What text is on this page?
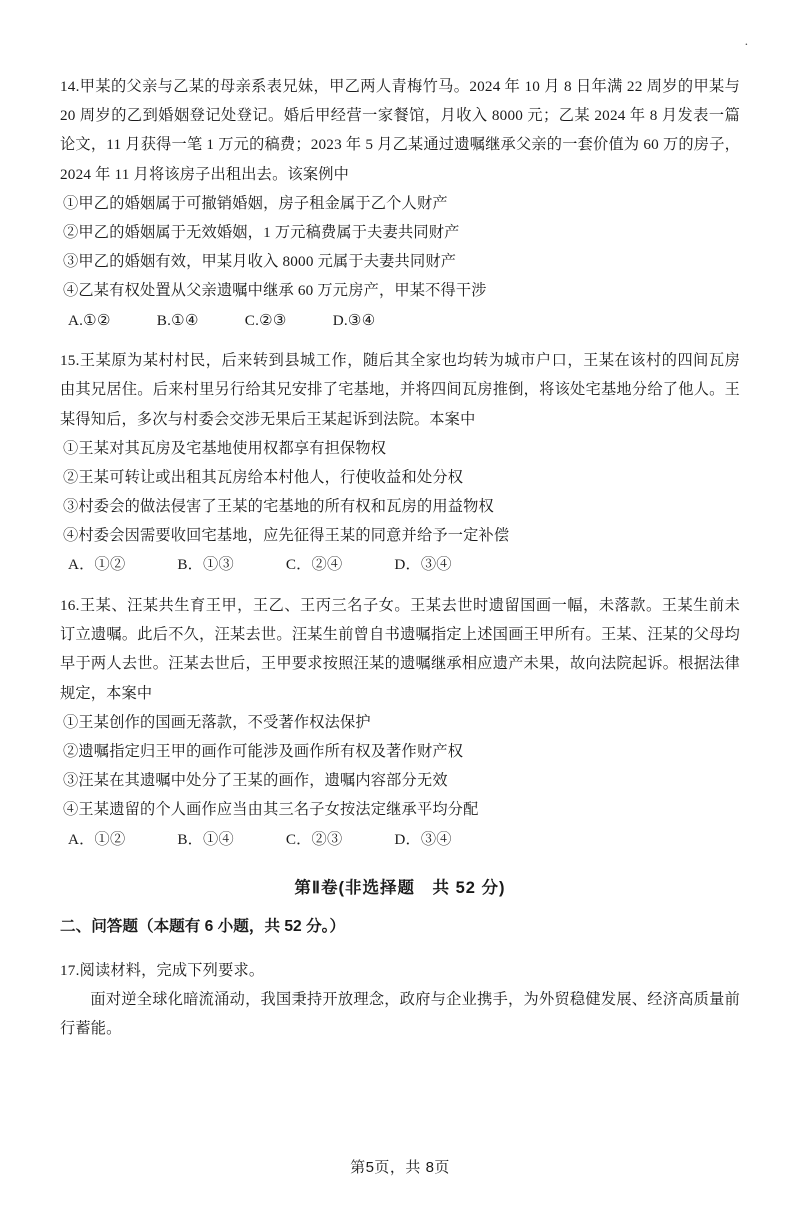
.
14.甲某的父亲与乙某的母亲系表兄妹，甲乙两人青梅竹马。2024 年 10 月 8 日年满 22 周岁的甲某与 20 周岁的乙到婚姻登记处登记。婚后甲经营一家餐馆，月收入 8000 元；乙某 2024 年 8 月发表一篇论文，11 月获得一笔 1 万元的稿费；2023 年 5 月乙某通过遗嘱继承父亲的一套价值为 60 万的房子，2024 年 11 月将该房子出租出去。该案例中
①甲乙的婚姻属于可撤销婚姻，房子租金属于乙个人财产
②甲乙的婚姻属于无效婚姻，1 万元稿费属于夫妻共同财产
③甲乙的婚姻有效，甲某月收入 8000 元属于夫妻共同财产
④乙某有权处置从父亲遗嘱中继承 60 万元房产，甲某不得干涉
A.①②	B.①④	C.②③	D.③④
15.王某原为某村村民，后来转到县城工作，随后其全家也均转为城市户口，王某在该村的四间瓦房由其兄居住。后来村里另行给其兄安排了宅基地，并将四间瓦房推倒，将该处宅基地分给了他人。王某得知后，多次与村委会交涉无果后王某起诉到法院。本案中
①王某对其瓦房及宅基地使用权都享有担保物权
②王某可转让或出租其瓦房给本村他人，行使收益和处分权
③村委会的做法侵害了王某的宅基地的所有权和瓦房的用益物权
④村委会因需要收回宅基地，应先征得王某的同意并给予一定补偿
A．①②	B．①③	C．②④	D．③④
16.王某、汪某共生育王甲，王乙、王丙三名子女。王某去世时遗留国画一幅，未落款。王某生前未订立遗嘱。此后不久，汪某去世。汪某生前曾自书遗嘱指定上述国画王甲所有。王某、汪某的父母均早于两人去世。汪某去世后，王甲要求按照汪某的遗嘱继承相应遗产未果，故向法院起诉。根据法律规定，本案中
①王某创作的国画无落款，不受著作权法保护
②遗嘱指定归王甲的画作可能涉及画作所有权及著作财产权
③汪某在其遗嘱中处分了王某的画作，遗嘱内容部分无效
④王某遗留的个人画作应当由其三名子女按法定继承平均分配
A．①②	B．①④	C．②③	D．③④
第Ⅱ卷(非选择题　共 52 分)
二、问答题（本题有 6 小题，共 52 分。）
17.阅读材料，完成下列要求。
面对逆全球化暗流涌动，我国秉持开放理念，政府与企业携手，为外贸稳健发展、经济高质量前行蓄能。
第5页，共 8页
